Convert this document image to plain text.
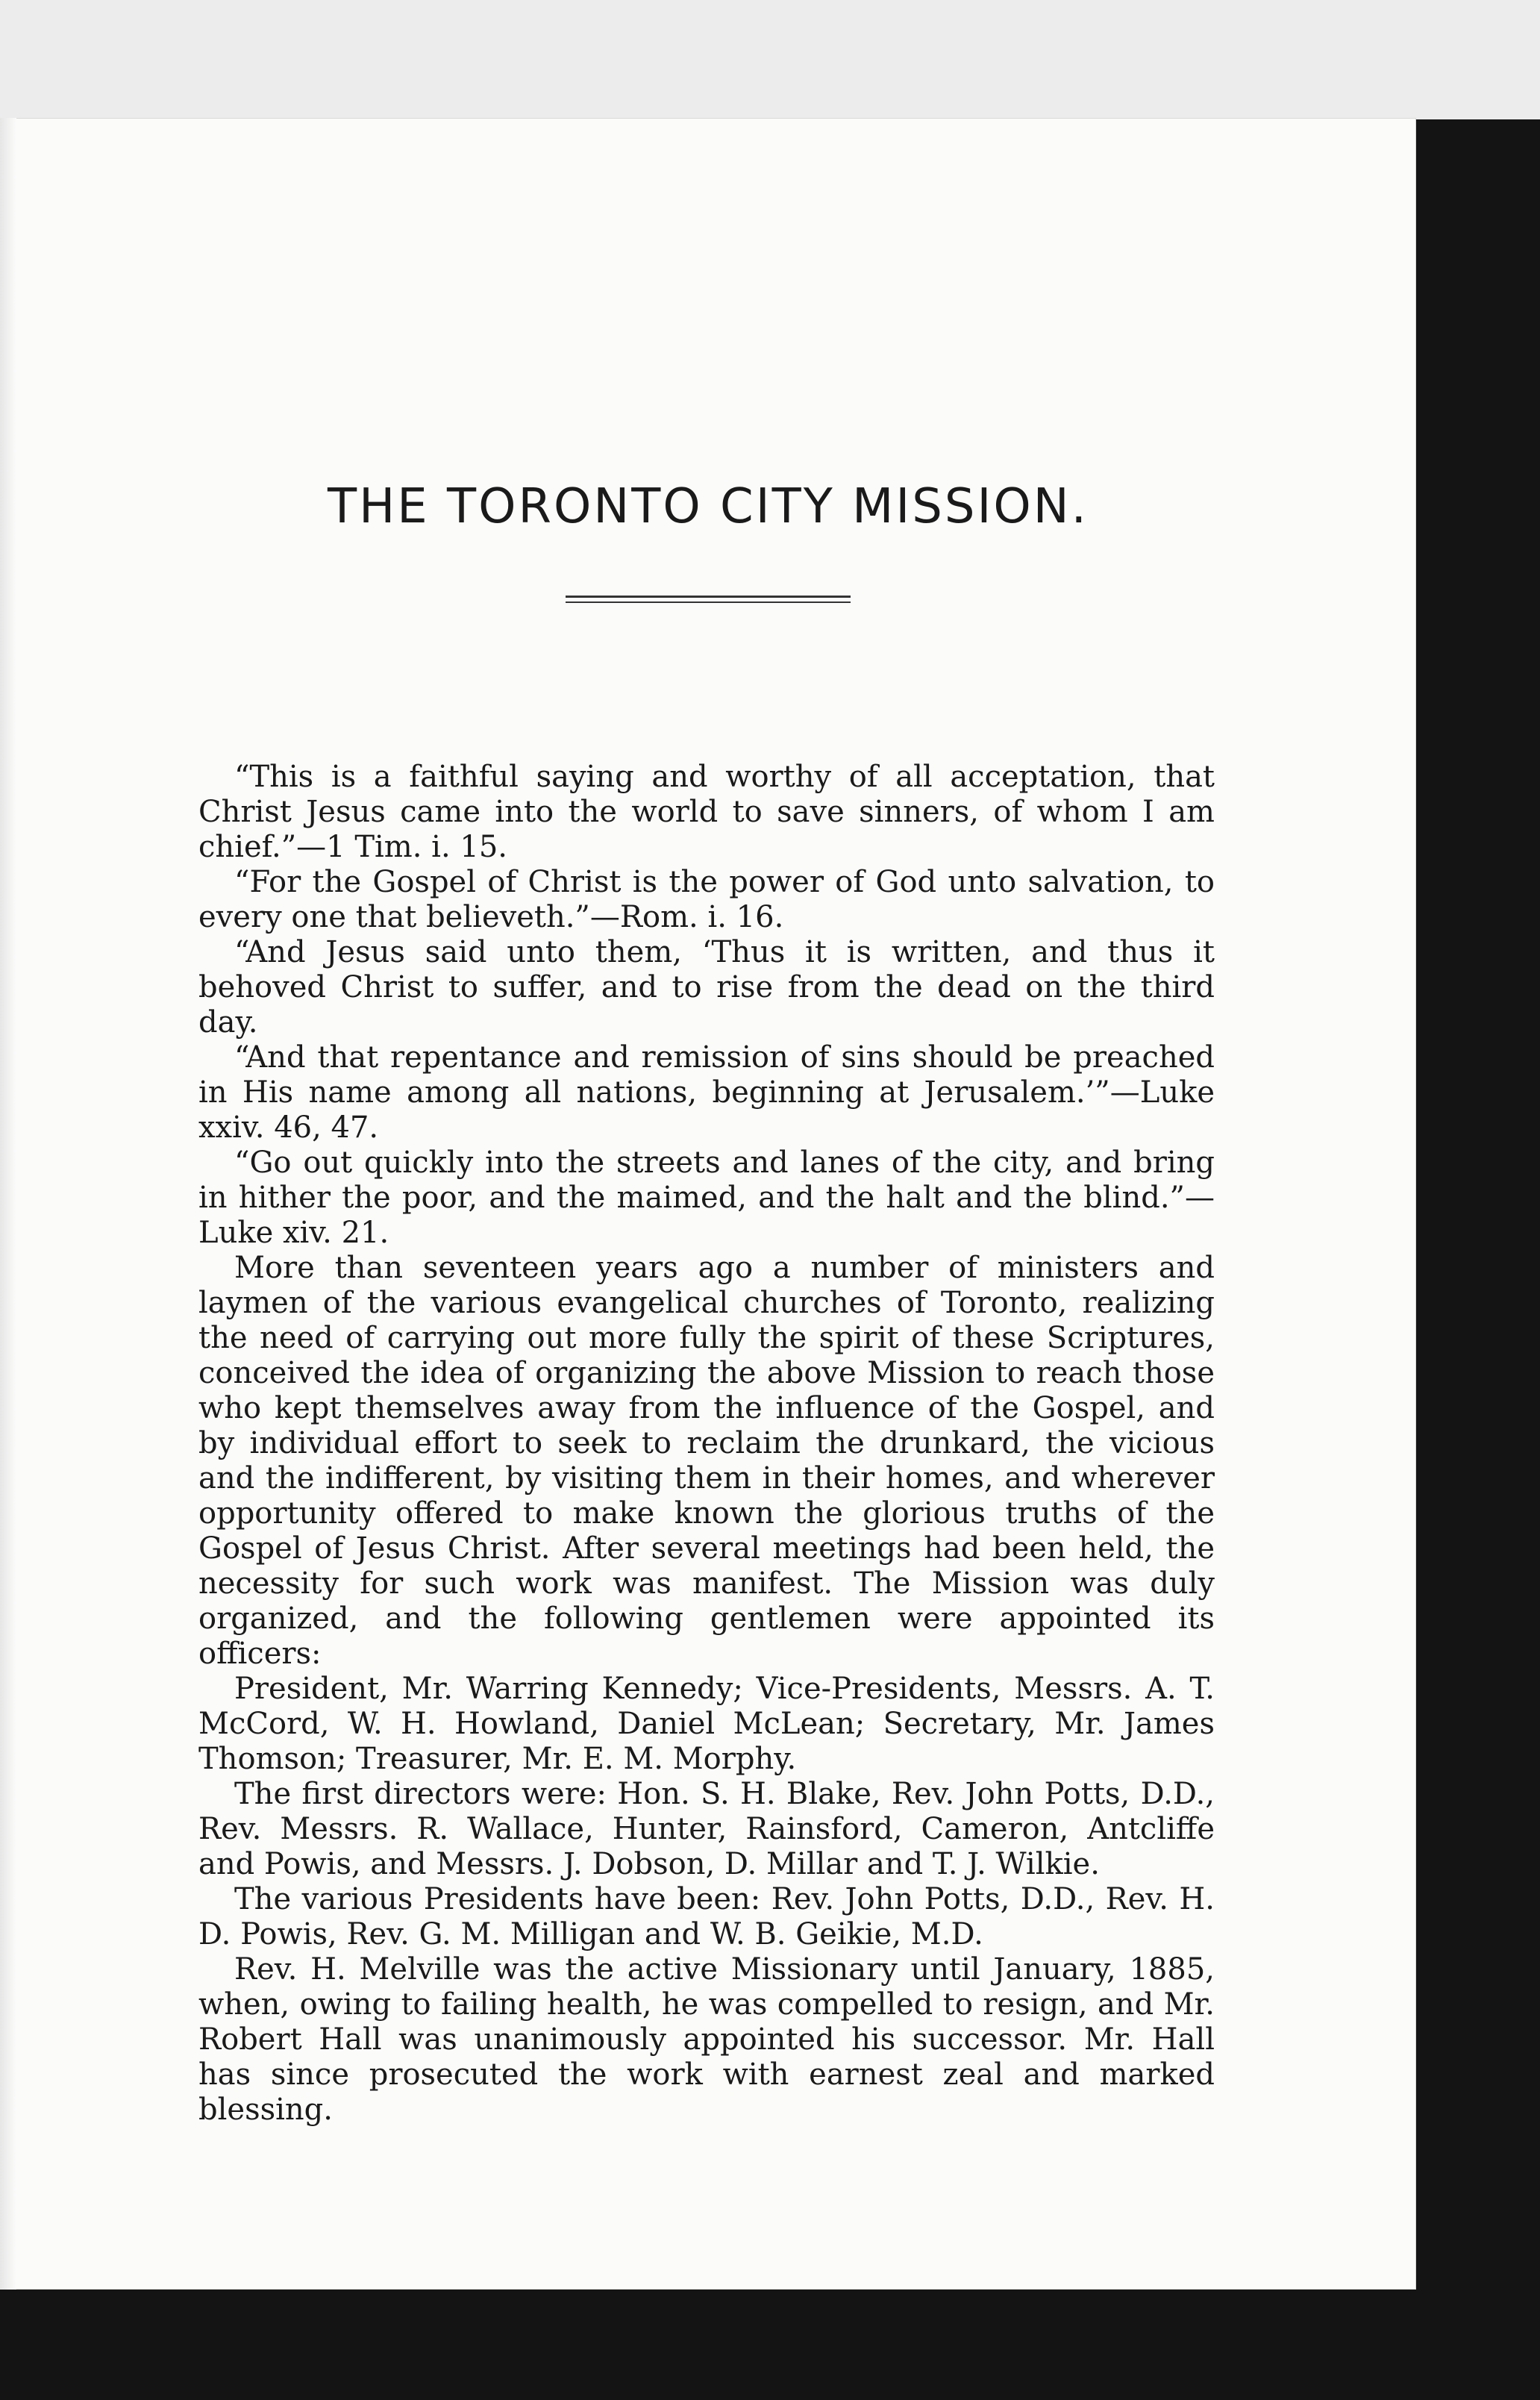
THE TORONTO CITY MISSION.

“This is a faithful saying and worthy of all acceptation, that Christ Jesus came into the world to save sinners, of whom I am chief.”—1 Tim. i. 15.

“For the Gospel of Christ is the power of God unto salvation, to every one that believeth.”—Rom. i. 16.

“And Jesus said unto them, ‘Thus it is written, and thus it behoved Christ to suffer, and to rise from the dead on the third day.

“And that repentance and remission of sins should be preached in His name among all nations, beginning at Jerusalem.’”—Luke xxiv. 46, 47.

“Go out quickly into the streets and lanes of the city, and bring in hither the poor, and the maimed, and the halt and the blind.”—Luke xiv. 21.

More than seventeen years ago a number of ministers and laymen of the various evangelical churches of Toronto, realizing the need of carrying out more fully the spirit of these Scriptures, conceived the idea of organizing the above Mission to reach those who kept themselves away from the influence of the Gospel, and by individual effort to seek to reclaim the drunkard, the vicious and the indifferent, by visiting them in their homes, and wherever opportunity offered to make known the glorious truths of the Gospel of Jesus Christ. After several meetings had been held, the necessity for such work was manifest. The Mission was duly organized, and the following gentlemen were appointed its officers:

President, Mr. Warring Kennedy; Vice-Presidents, Messrs. A. T. McCord, W. H. Howland, Daniel McLean; Secretary, Mr. James Thomson; Treasurer, Mr. E. M. Morphy.

The first directors were: Hon. S. H. Blake, Rev. John Potts, D.D., Rev. Messrs. R. Wallace, Hunter, Rainsford, Cameron, Antcliffe and Powis, and Messrs. J. Dobson, D. Millar and T. J. Wilkie.

The various Presidents have been: Rev. John Potts, D.D., Rev. H. D. Powis, Rev. G. M. Milligan and W. B. Geikie, M.D.

Rev. H. Melville was the active Missionary until January, 1885, when, owing to failing health, he was compelled to resign, and Mr. Robert Hall was unanimously appointed his successor. Mr. Hall has since prosecuted the work with earnest zeal and marked blessing.
